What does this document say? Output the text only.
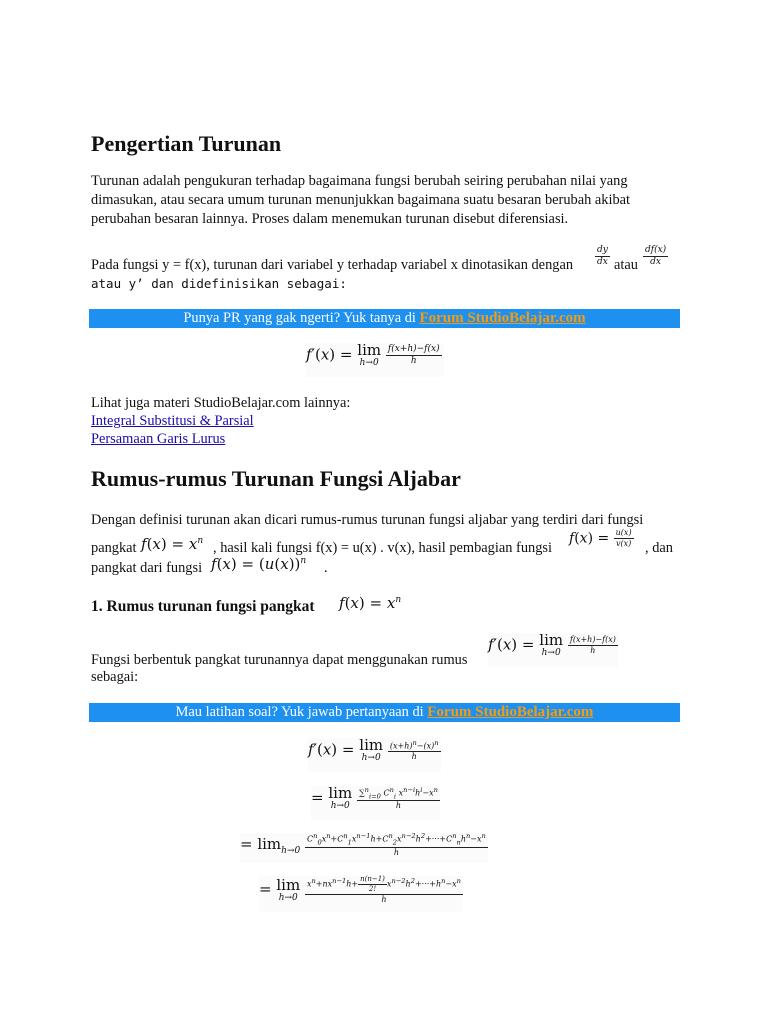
Pengertian Turunan

Turunan adalah pengukuran terhadap bagaimana fungsi berubah seiring perubahan nilai yang dimasukan, atau secara umum turunan menunjukkan bagaimana suatu besaran berubah akibat perubahan besaran lainnya. Proses dalam menemukan turunan disebut diferensiasi.

Pada fungsi y = f(x), turunan dari variabel y terhadap variabel x dinotasikan dengan $\frac{dy}{dx}$ atau $\frac{df(x)}{dx}$

atau y’ dan didefinisikan sebagai:

Punya PR yang gak ngerti? Yuk tanya di Forum StudioBelajar.com
f′(x) = lim
h→0
$\frac{f(x+h)-f(x)}{h}$

Lihat juga materi StudioBelajar.com lainnya:

Integral Substitusi & Parsial

Persamaan Garis Lurus

Rumus-rumus Turunan Fungsi Aljabar

Dengan definisi turunan akan dicari rumus-rumus turunan fungsi aljabar yang terdiri dari fungsi

pangkat $f(x) = x^n$ , hasil kali fungsi f(x) = u(x) . v(x), hasil pembagian fungsi

$f(x) = \frac{u(x)}{v(x)}$ , dan

pangkat dari fungsi $f(x) = (u(x))^n$ .

1. Rumus turunan fungsi pangkat $f(x) = x^n$
f′(x) = lim
h→0
$\frac{f(x+h)-f(x)}{h}$

Fungsi berbentuk pangkat turunannya dapat menggunakan rumus

sebagai:

Mau latihan soal? Yuk jawab pertanyaan di Forum StudioBelajar.com
f′(x) = lim
h→0
$\frac{(x+h)^n-(x)^n}{h}$
= lim
h→0
$\frac{\sum^n_{i=0} C^n_i x^{n-i}h^i-x^n}{h}$
= $\lim_{h\to 0} \frac{C^n_0x^n+C^n_1x^{n-1}h+C^n_2x^{n-2}h^2+\cdot\cdot\cdot+C^n_nh^n-x^n}{h}$
= lim
h→0
$\frac{x^n+nx^{n-1}h+ \frac{n(n-1)}{2!} x^{n-2}h^2+\cdot\cdot\cdot+h^n-x^n}{h}$
